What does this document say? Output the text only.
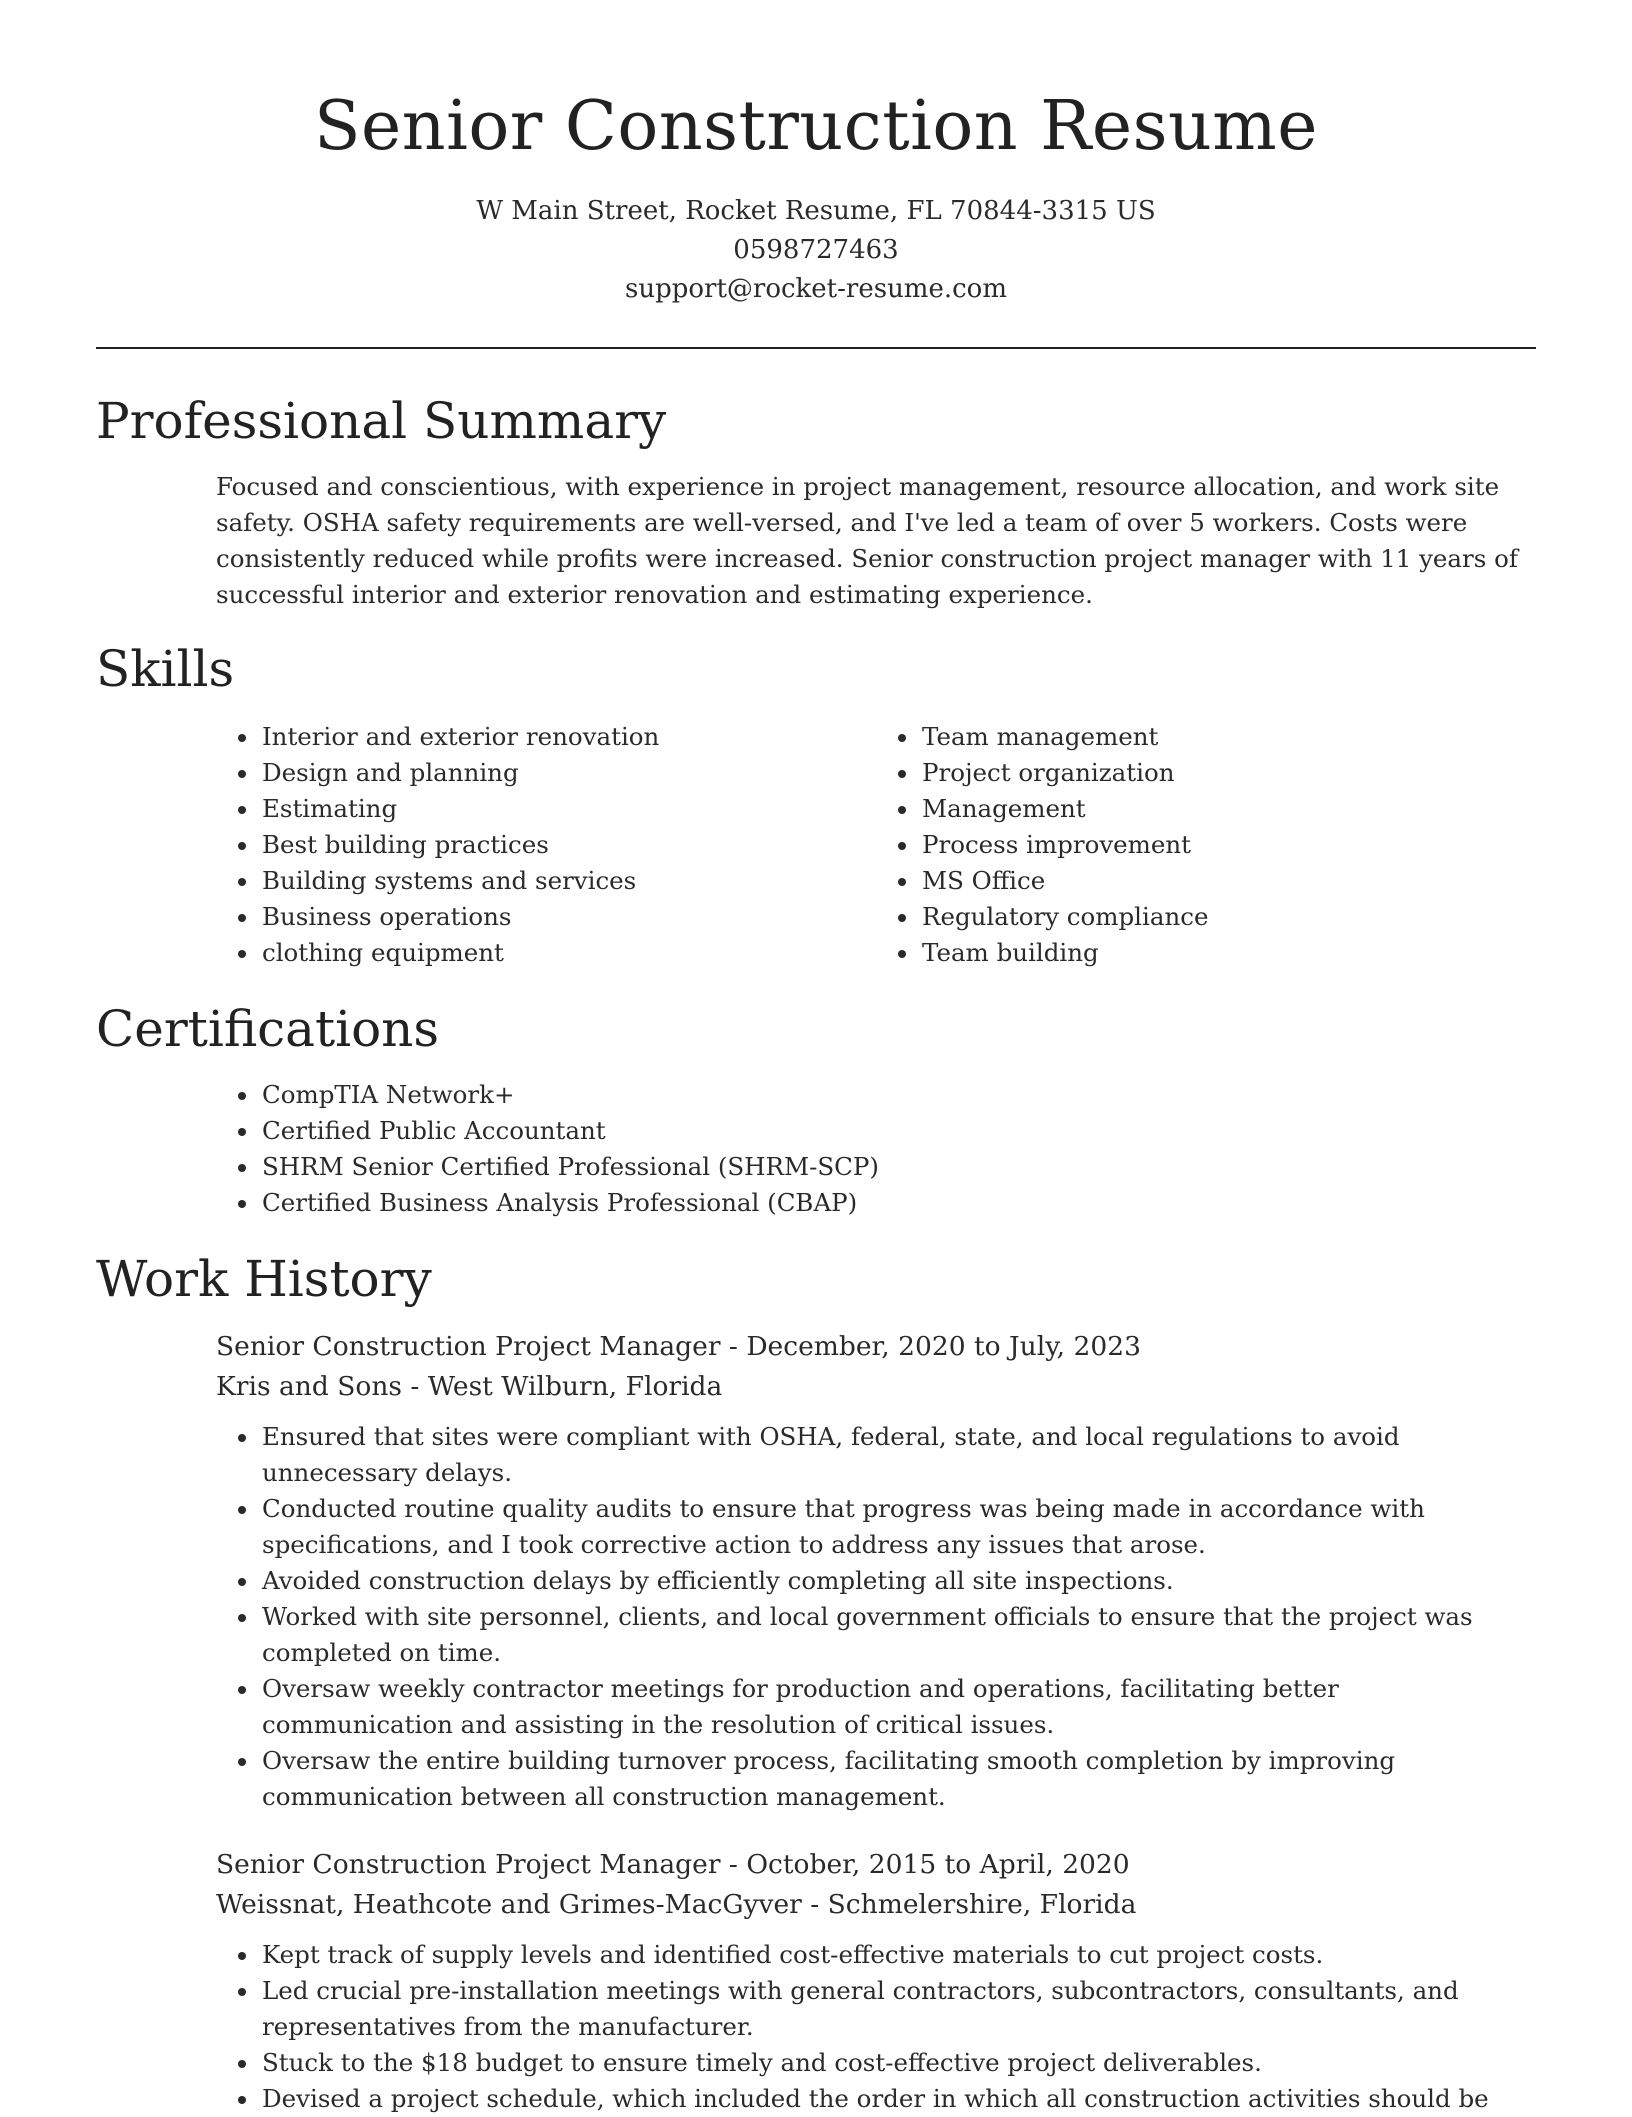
Senior Construction Resume
W Main Street, Rocket Resume, FL 70844-3315 US
0598727463
support@rocket-resume.com
Professional Summary
Focused and conscientious, with experience in project management, resource allocation, and work site safety. OSHA safety requirements are well-versed, and I've led a team of over 5 workers. Costs were consistently reduced while profits were increased. Senior construction project manager with 11 years of successful interior and exterior renovation and estimating experience.
Skills
• Interior and exterior renovation
• Design and planning
• Estimating
• Best building practices
• Building systems and services
• Business operations
• clothing equipment
• Team management
• Project organization
• Management
• Process improvement
• MS Office
• Regulatory compliance
• Team building
Certifications
• CompTIA Network+
• Certified Public Accountant
• SHRM Senior Certified Professional (SHRM-SCP)
• Certified Business Analysis Professional (CBAP)
Work History
Senior Construction Project Manager - December, 2020 to July, 2023
Kris and Sons - West Wilburn, Florida
• Ensured that sites were compliant with OSHA, federal, state, and local regulations to avoid unnecessary delays.
• Conducted routine quality audits to ensure that progress was being made in accordance with specifications, and I took corrective action to address any issues that arose.
• Avoided construction delays by efficiently completing all site inspections.
• Worked with site personnel, clients, and local government officials to ensure that the project was completed on time.
• Oversaw weekly contractor meetings for production and operations, facilitating better communication and assisting in the resolution of critical issues.
• Oversaw the entire building turnover process, facilitating smooth completion by improving communication between all construction management.
Senior Construction Project Manager - October, 2015 to April, 2020
Weissnat, Heathcote and Grimes-MacGyver - Schmelershire, Florida
• Kept track of supply levels and identified cost-effective materials to cut project costs.
• Led crucial pre-installation meetings with general contractors, subcontractors, consultants, and representatives from the manufacturer.
• Stuck to the $18 budget to ensure timely and cost-effective project deliverables.
• Devised a project schedule, which included the order in which all construction activities should be
